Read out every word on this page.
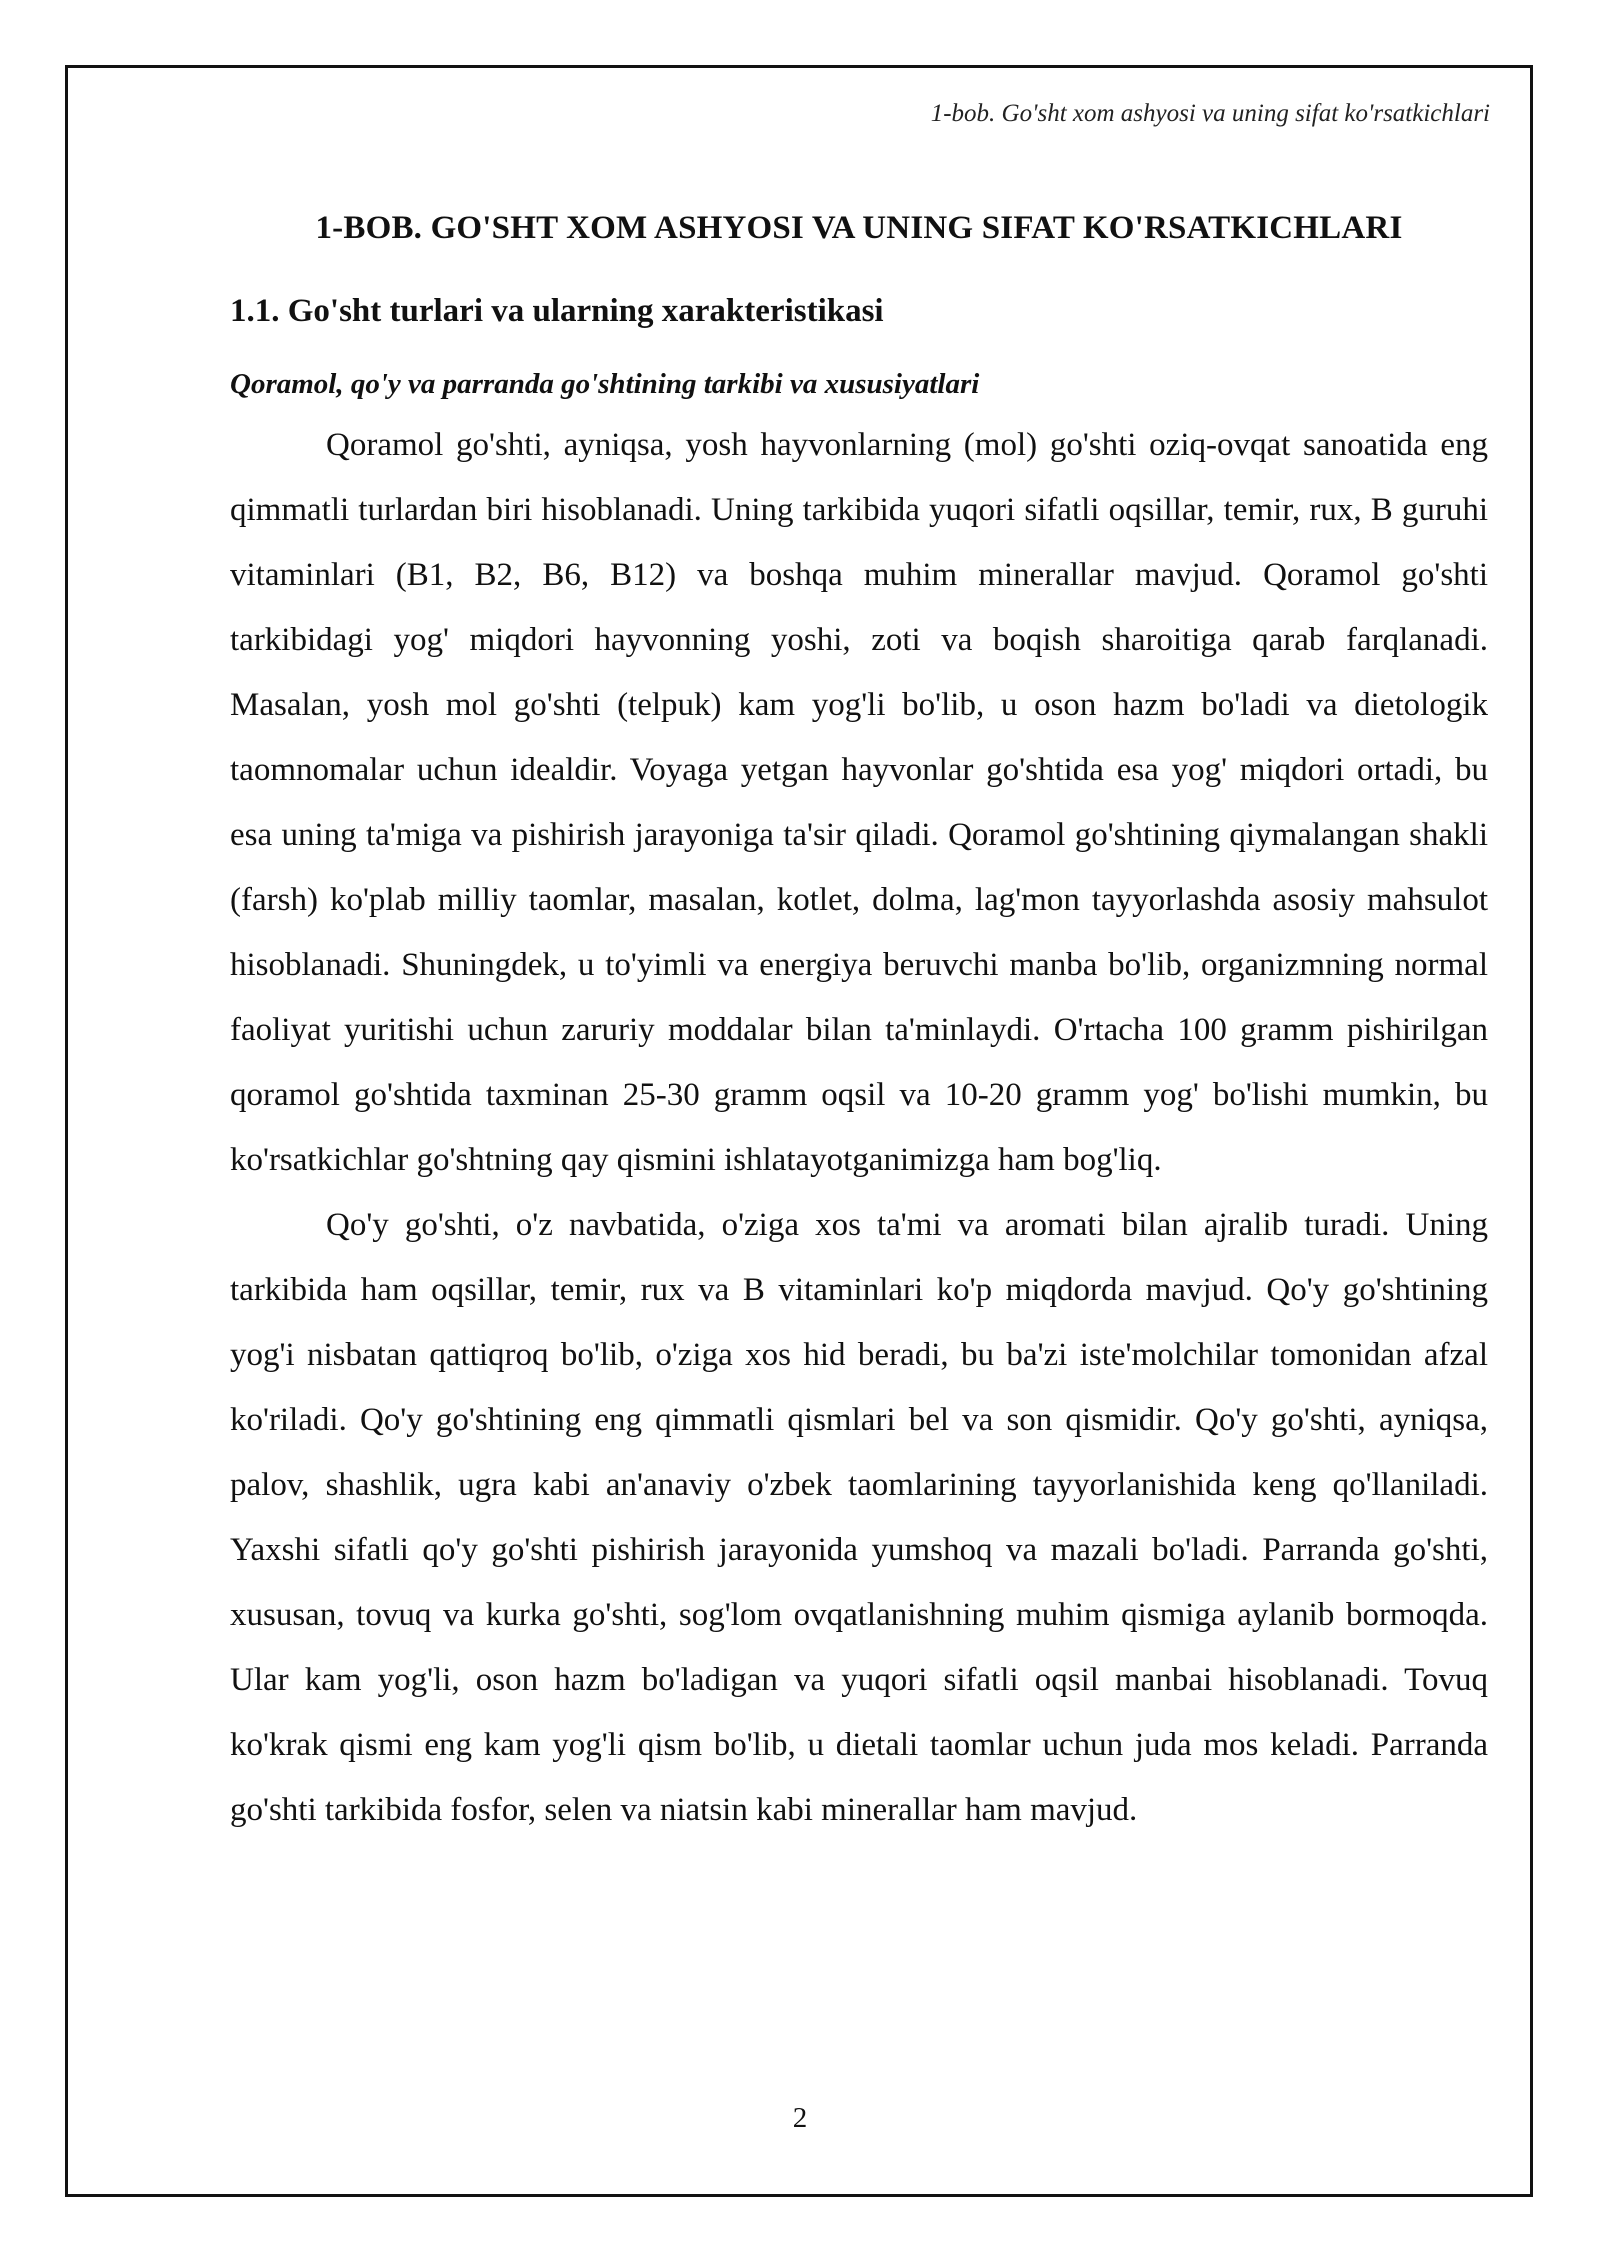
1-bob. Go'sht xom ashyosi va uning sifat ko'rsatkichlari
1-BOB. GO'SHT XOM ASHYOSI VA UNING SIFAT KO'RSATKICHLARI
1.1. Go'sht turlari va ularning xarakteristikasi
Qoramol, qo'y va parranda go'shtining tarkibi va xususiyatlari

Qoramol go'shti, ayniqsa, yosh hayvonlarning (mol) go'shti oziq-ovqat sanoatida eng qimmatli turlardan biri hisoblanadi. Uning tarkibida yuqori sifatli oqsillar, temir, rux, B guruhi vitaminlari (B1, B2, B6, B12) va boshqa muhim minerallar mavjud. Qoramol go'shti tarkibidagi yog' miqdori hayvonning yoshi, zoti va boqish sharoitiga qarab farqlanadi. Masalan, yosh mol go'shti (telpuk) kam yog'li bo'lib, u oson hazm bo'ladi va dietologik taomnomalar uchun idealdir. Voyaga yetgan hayvonlar go'shtida esa yog' miqdori ortadi, bu esa uning ta'miga va pishirish jarayoniga ta'sir qiladi. Qoramol go'shtining qiymalangan shakli (farsh) ko'plab milliy taomlar, masalan, kotlet, dolma, lag'mon tayyorlashda asosiy mahsulot hisoblanadi. Shuningdek, u to'yimli va energiya beruvchi manba bo'lib, organizmning normal faoliyat yuritishi uchun zaruriy moddalar bilan ta'minlaydi. O'rtacha 100 gramm pishirilgan qoramol go'shtida taxminan 25-30 gramm oqsil va 10-20 gramm yog' bo'lishi mumkin, bu ko'rsatkichlar go'shtning qay qismini ishlatayotganimizga ham bog'liq.

Qo'y go'shti, o'z navbatida, o'ziga xos ta'mi va aromati bilan ajralib turadi. Uning tarkibida ham oqsillar, temir, rux va B vitaminlari ko'p miqdorda mavjud. Qo'y go'shtining yog'i nisbatan qattiqroq bo'lib, o'ziga xos hid beradi, bu ba'zi iste'molchilar tomonidan afzal ko'riladi. Qo'y go'shtining eng qimmatli qismlari bel va son qismidir. Qo'y go'shti, ayniqsa, palov, shashlik, ugra kabi an'anaviy o'zbek taomlarining tayyorlanishida keng qo'llaniladi. Yaxshi sifatli qo'y go'shti pishirish jarayonida yumshoq va mazali bo'ladi. Parranda go'shti, xususan, tovuq va kurka go'shti, sog'lom ovqatlanishning muhim qismiga aylanib bormoqda. Ular kam yog'li, oson hazm bo'ladigan va yuqori sifatli oqsil manbai hisoblanadi. Tovuq ko'krak qismi eng kam yog'li qism bo'lib, u dietali taomlar uchun juda mos keladi. Parranda go'shti tarkibida fosfor, selen va niatsin kabi minerallar ham mavjud.

2
